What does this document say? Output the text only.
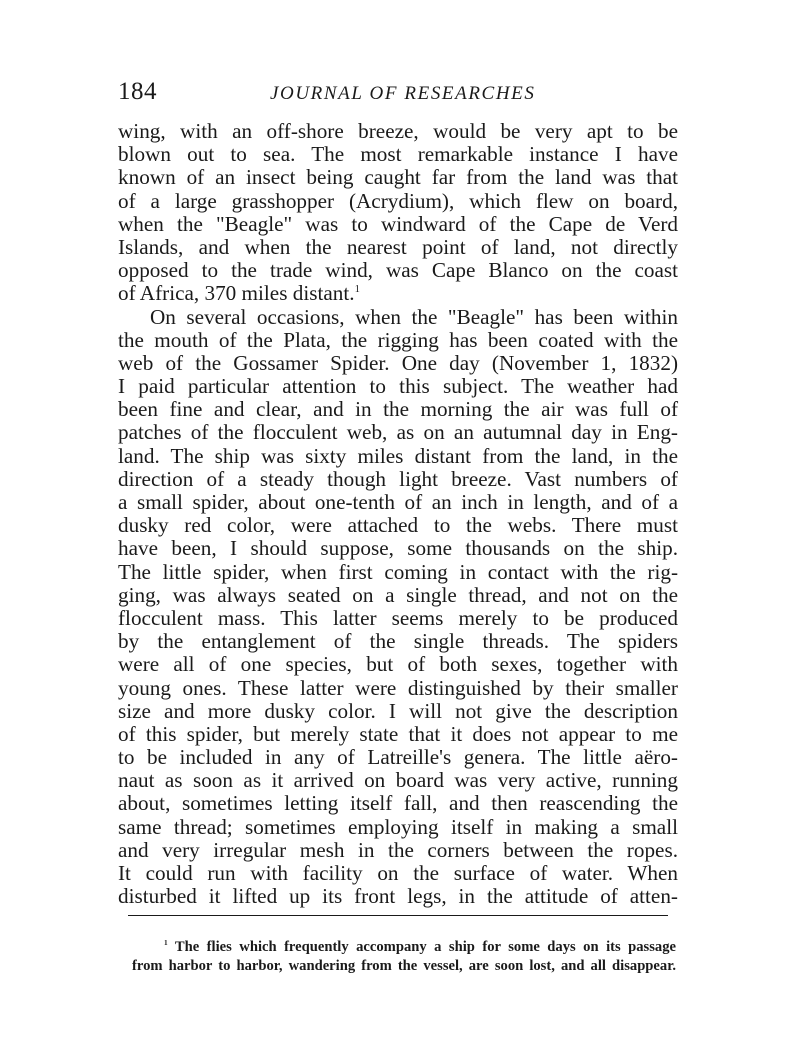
184	JOURNAL OF RESEARCHES
wing, with an off-shore breeze, would be very apt to be
blown out to sea. The most remarkable instance I have
known of an insect being caught far from the land was that
of a large grasshopper (Acrydium), which flew on board,
when the "Beagle" was to windward of the Cape de Verd
Islands, and when the nearest point of land, not directly
opposed to the trade wind, was Cape Blanco on the coast
of Africa, 370 miles distant.$^1$
On several occasions, when the "Beagle" has been within
the mouth of the Plata, the rigging has been coated with the
web of the Gossamer Spider. One day (November 1, 1832)
I paid particular attention to this subject. The weather had
been fine and clear, and in the morning the air was full of
patches of the flocculent web, as on an autumnal day in Eng-
land. The ship was sixty miles distant from the land, in the
direction of a steady though light breeze. Vast numbers of
a small spider, about one-tenth of an inch in length, and of a
dusky red color, were attached to the webs. There must
have been, I should suppose, some thousands on the ship.
The little spider, when first coming in contact with the rig-
ging, was always seated on a single thread, and not on the
flocculent mass. This latter seems merely to be produced
by the entanglement of the single threads. The spiders
were all of one species, but of both sexes, together with
young ones. These latter were distinguished by their smaller
size and more dusky color. I will not give the description
of this spider, but merely state that it does not appear to me
to be included in any of Latreille's genera. The little aëro-
naut as soon as it arrived on board was very active, running
about, sometimes letting itself fall, and then reascending the
same thread; sometimes employing itself in making a small
and very irregular mesh in the corners between the ropes.
It could run with facility on the surface of water. When
disturbed it lifted up its front legs, in the attitude of atten-
$^1$ The flies which frequently accompany a ship for some days on its passage
from harbor to harbor, wandering from the vessel, are soon lost, and all disappear.
